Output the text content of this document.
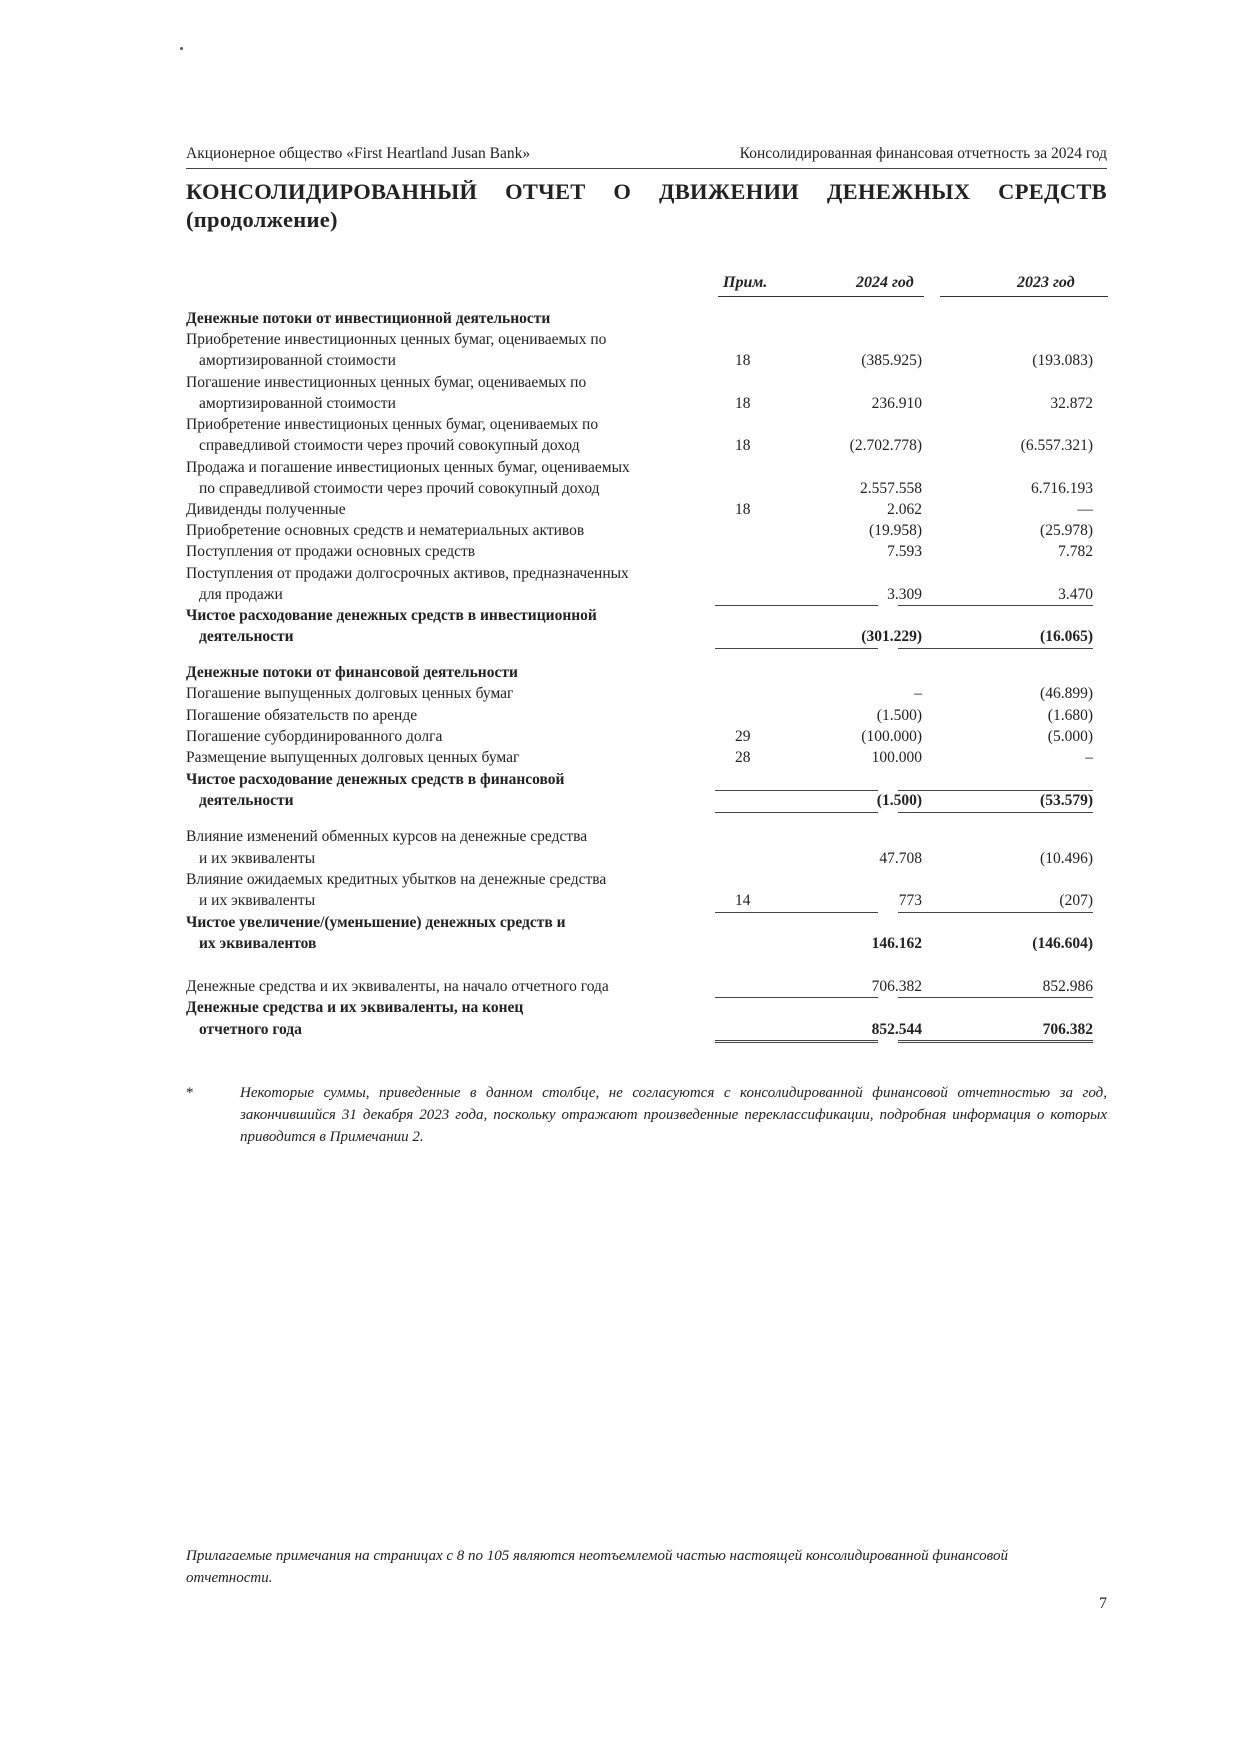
Акционерное общество «First Heartland Jusan Bank»	Консолидированная финансовая отчетность за 2024 год
КОНСОЛИДИРОВАННЫЙ ОТЧЕТ О ДВИЖЕНИИ ДЕНЕЖНЫХ СРЕДСТВ
(продолжение)
Прим.	2024 год	2023 год
Денежные потоки от инвестиционной деятельности
Приобретение инвестиционных ценных бумаг, оцениваемых по
амортизированной стоимости	18	(385.925)	(193.083)
Погашение инвестиционных ценных бумаг, оцениваемых по
амортизированной стоимости	18	236.910	32.872
Приобретение инвестиционых ценных бумаг, оцениваемых по
справедливой стоимости через прочий совокупный доход	18	(2.702.778)	(6.557.321)
Продажа и погашение инвестиционых ценных бумаг, оцениваемых
по справедливой стоимости через прочий совокупный доход	2.557.558	6.716.193
Дивиденды полученные	18	2.062	—
Приобретение основных средств и нематериальных активов	(19.958)	(25.978)
Поступления от продажи основных средств	7.593	7.782
Поступления от продажи долгосрочных активов, предназначенных
для продажи	3.309	3.470
Чистое расходование денежных средств в инвестиционной
деятельности	(301.229)	(16.065)
Денежные потоки от финансовой деятельности
Погашение выпущенных долговых ценных бумаг	–	(46.899)
Погашение обязательств по аренде	(1.500)	(1.680)
Погашение субординированного долга	29	(100.000)	(5.000)
Размещение выпущенных долговых ценных бумаг	28	100.000	–
Чистое расходование денежных средств в финансовой
деятельности	(1.500)	(53.579)
Влияние изменений обменных курсов на денежные средства
и их эквиваленты	47.708	(10.496)
Влияние ожидаемых кредитных убытков на денежные средства
и их эквиваленты	14	773	(207)
Чистое увеличение/(уменьшение) денежных средств и
их эквивалентов	146.162	(146.604)
Денежные средства и их эквиваленты, на начало отчетного года	706.382	852.986
Денежные средства и их эквиваленты, на конец
отчетного года	852.544	706.382
*	Некоторые суммы, приведенные в данном столбце, не согласуются с консолидированной финансовой отчетностью за год, закончившийся 31 декабря 2023 года, поскольку отражают произведенные переклассификации, подробная информация о которых приводится в Примечании 2.
Прилагаемые примечания на страницах с 8 по 105 являются неотъемлемой частью настоящей консолидированной финансовой отчетности.
7
